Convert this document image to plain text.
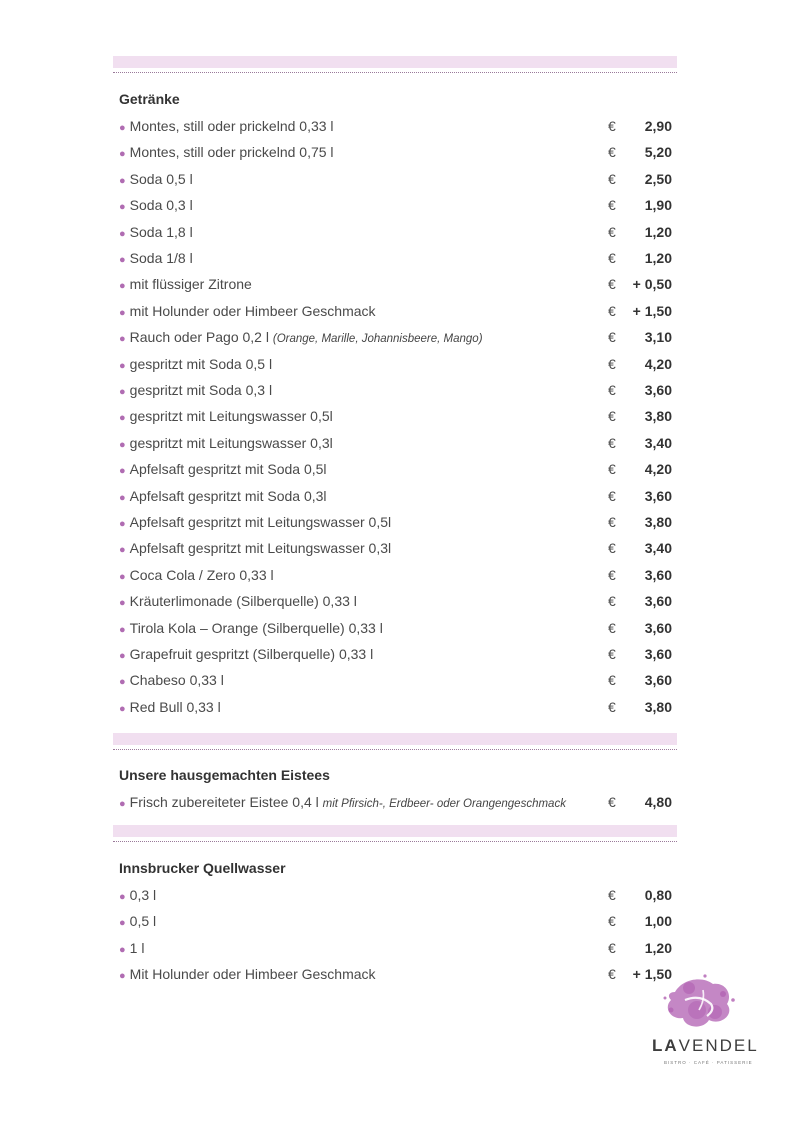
Getränke
● Montes, still oder prickelnd 0,33 l	€	2,90
● Montes, still oder prickelnd 0,75 l	€	5,20
● Soda 0,5 l	€	2,50
● Soda 0,3 l	€	1,90
● Soda 1,8 l	€	1,20
● Soda 1/8 l	€	1,20
● mit flüssiger Zitrone	€	+ 0,50
● mit Holunder oder Himbeer Geschmack	€	+ 1,50
● Rauch oder Pago 0,2 l (Orange, Marille, Johannisbeere, Mango)	€	3,10
● gespritzt mit Soda 0,5 l	€	4,20
● gespritzt mit Soda 0,3 l	€	3,60
● gespritzt mit Leitungswasser 0,5l	€	3,80
● gespritzt mit Leitungswasser 0,3l	€	3,40
● Apfelsaft gespritzt mit Soda 0,5l	€	4,20
● Apfelsaft gespritzt mit Soda 0,3l	€	3,60
● Apfelsaft gespritzt mit Leitungswasser 0,5l	€	3,80
● Apfelsaft gespritzt mit Leitungswasser 0,3l	€	3,40
● Coca Cola / Zero 0,33 l	€	3,60
● Kräuterlimonade (Silberquelle) 0,33 l	€	3,60
● Tirola Kola – Orange (Silberquelle) 0,33 l	€	3,60
● Grapefruit gespritzt (Silberquelle) 0,33 l	€	3,60
● Chabeso 0,33 l	€	3,60
● Red Bull 0,33 l	€	3,80
Unsere hausgemachten Eistees
● Frisch zubereiteter Eistee 0,4 l mit Pfirsich-, Erdbeer- oder Orangengeschmack	€	4,80
Innsbrucker Quellwasser
● 0,3 l	€	0,80
● 0,5 l	€	1,00
● 1 l	€	1,20
● Mit Holunder oder Himbeer Geschmack	€	+ 1,50
LAVENDEL
BISTRO · CAFÉ · PATISSERIE
